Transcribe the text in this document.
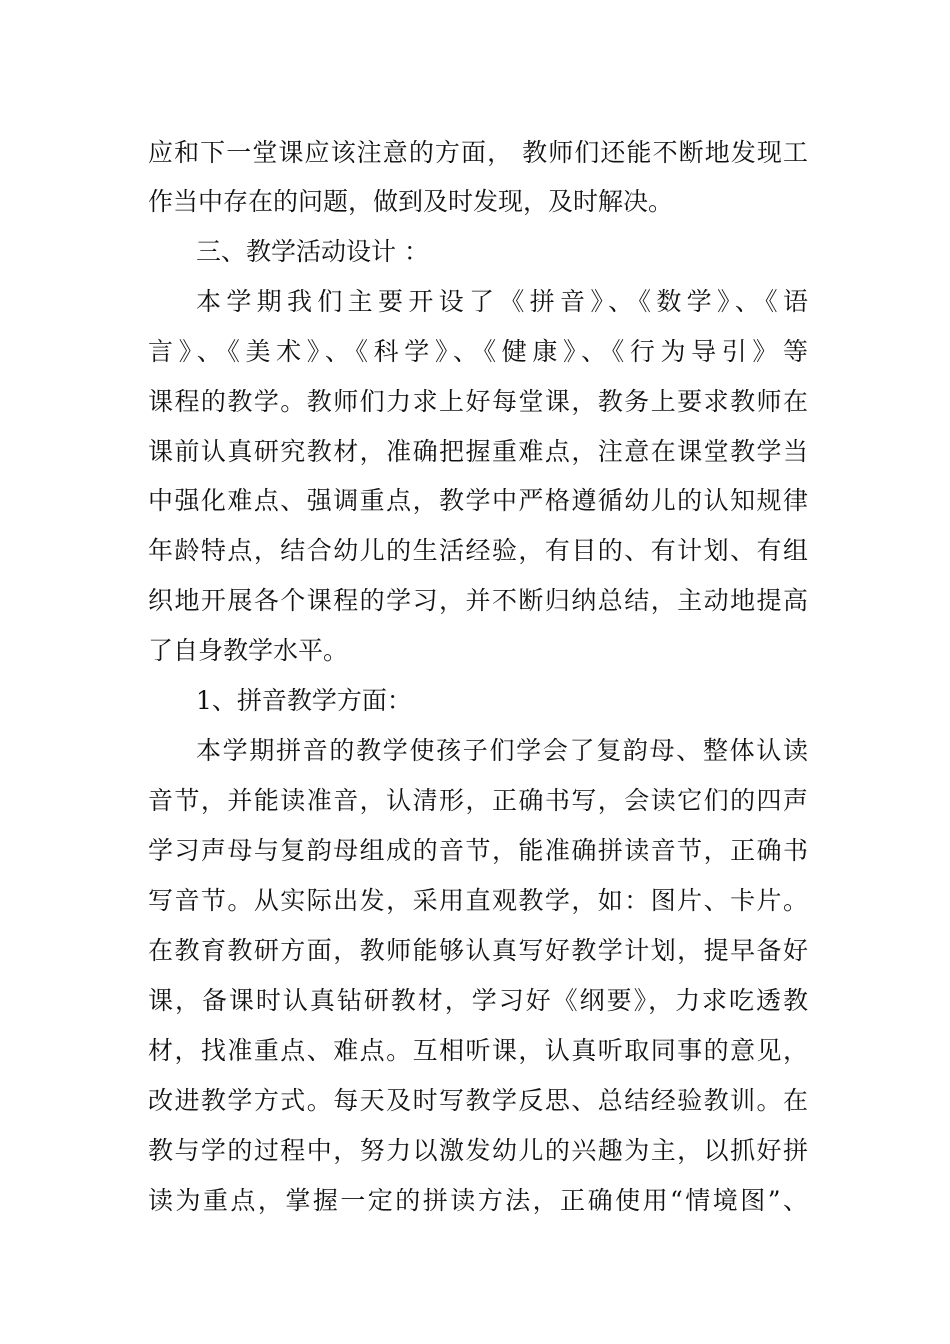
应和下一堂课应该注意的方面， 教师们还能不断地发现工
作当中存在的问题，做到及时发现，及时解决。
三、教学活动设计 ：
本学期我们主要开设了《拼音》、《数学》、《语
言》、《美术》、《科学》、《健康》、《行为导引》等
课程的教学。教师们力求上好每堂课，教务上要求教师在
课前认真研究教材，准确把握重难点，注意在课堂教学当
中强化难点、强调重点，教学中严格遵循幼儿的认知规律
年龄特点，结合幼儿的生活经验，有目的、有计划、有组
织地开展各个课程的学习，并不断归纳总结，主动地提高
了自身教学水平。
1、拼音教学方面：
本学期拼音的教学使孩子们学会了复韵母、整体认读
音节，并能读准音，认清形，正确书写，会读它们的四声
学习声母与复韵母组成的音节，能准确拼读音节，正确书
写音节。从实际出发，采用直观教学，如：图片、卡片。
在教育教研方面，教师能够认真写好教学计划，提早备好
课，备课时认真钻研教材，学习好《纲要》，力求吃透教
材，找准重点、难点。互相听课，认真听取同事的意见，
改进教学方式。每天及时写教学反思、总结经验教训。在
教与学的过程中，努力以激发幼儿的兴趣为主，以抓好拼
读为重点，掌握一定的拼读方法，正确使用“情境图”、
